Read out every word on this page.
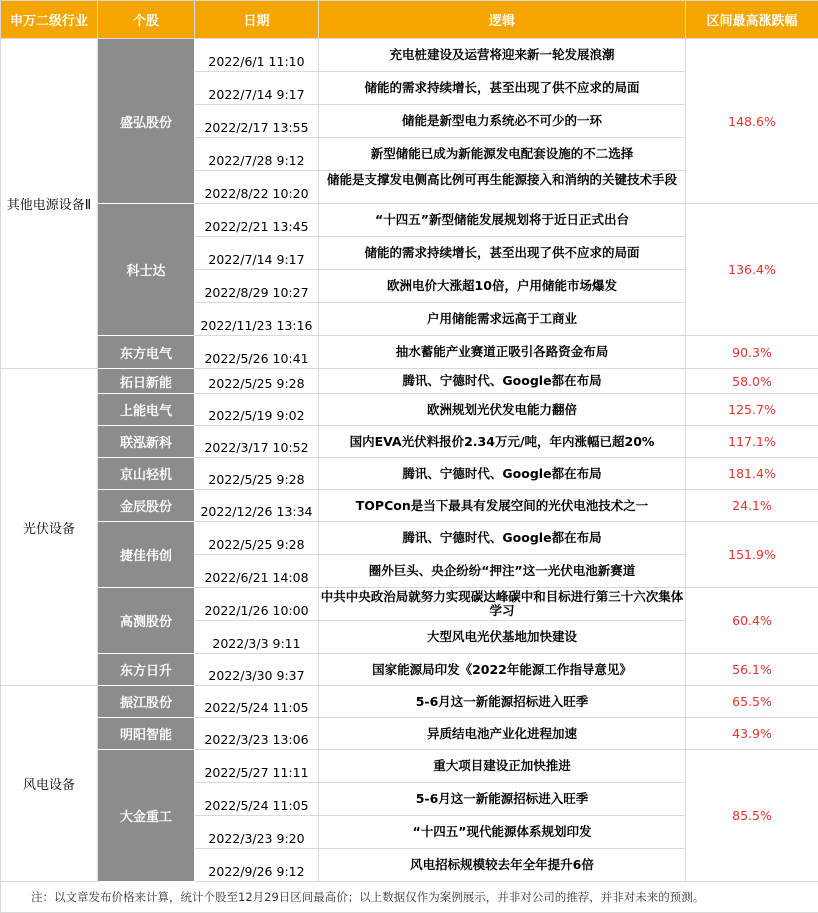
申万二级行业	个股	日期	逻辑	区间最高涨跌幅
其他电源设备Ⅱ	盛弘股份	2022/6/1 11:10	充电桩建设及运营将迎来新一轮发展浪潮	148.6%
		2022/7/14 9:17	储能的需求持续增长，甚至出现了供不应求的局面	
		2022/2/17 13:55	储能是新型电力系统必不可少的一环	
		2022/7/28 9:12	新型储能已成为新能源发电配套设施的不二选择	
		2022/8/22 10:20	储能是支撑发电侧高比例可再生能源接入和消纳的关键技术手段	

	科士达	2022/2/21 13:45	“十四五”新型储能发展规划将于近日正式出台	136.4%
		2022/7/14 9:17	储能的需求持续增长，甚至出现了供不应求的局面	
		2022/8/29 10:27	欧洲电价大涨超10倍，户用储能市场爆发	
		2022/11/23 13:16	户用储能需求远高于工商业	
	东方电气	2022/5/26 10:41	抽水蓄能产业赛道正吸引各路资金布局	90.3%
光伏设备	拓日新能	2022/5/25 9:28	腾讯、宁德时代、Google都在布局	58.0%
	上能电气	2022/5/19 9:02	欧洲规划光伏发电能力翻倍	125.7%
	联泓新科	2022/3/17 10:52	国内EVA光伏料报价2.34万元/吨，年内涨幅已超20%	117.1%
	京山轻机	2022/5/25 9:28	腾讯、宁德时代、Google都在布局	181.4%
	金辰股份	2022/12/26 13:34	TOPCon是当下最具有发展空间的光伏电池技术之一	24.1%
	捷佳伟创	2022/5/25 9:28	腾讯、宁德时代、Google都在布局	151.9%
		2022/6/21 14:08	圈外巨头、央企纷纷“押注”这一光伏电池新赛道	
	高测股份	2022/1/26 10:00	中共中央政治局就努力实现碳达峰碳中和目标进行第三十六次集体学习	60.4%
		2022/3/3 9:11	大型风电光伏基地加快建设	
	东方日升	2022/3/30 9:37	国家能源局印发《2022年能源工作指导意见》	56.1%
风电设备	振江股份	2022/5/24 11:05	5-6月这一新能源招标进入旺季	65.5%
	明阳智能	2022/3/23 13:06	异质结电池产业化进程加速	43.9%
	大金重工	2022/5/27 11:11	重大项目建设正加快推进	85.5%
		2022/5/24 11:05	5-6月这一新能源招标进入旺季	
		2022/3/23 9:20	“十四五”现代能源体系规划印发	
		2022/9/26 9:12	风电招标规模较去年全年提升6倍	
注：以文章发布价格来计算，统计个股至12月29日区间最高价；以上数据仅作为案例展示，并非对公司的推荐，并非对未来的预测。				
